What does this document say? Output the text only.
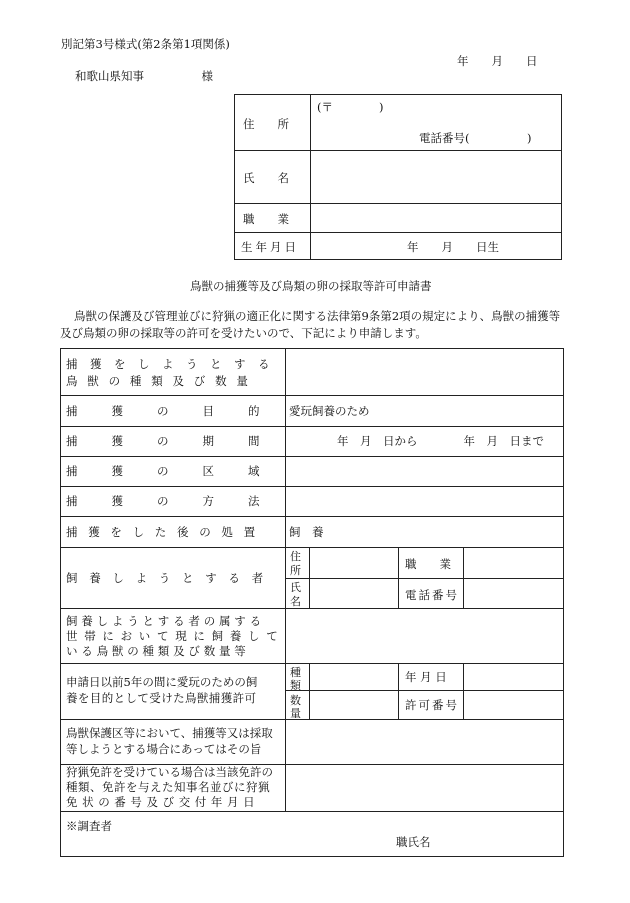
別記第3号様式(第2条第1項関係)
年　　月　　日
和歌山県知事　　　　　様
住　　所
(〒　　　　)
電話番号(　　　　　)
氏　　名
職　　業
生年月日	年　　月　　日生
鳥獣の捕獲等及び鳥類の卵の採取等許可申請書
鳥獣の保護及び管理並びに狩猟の適正化に関する法律第9条第2項の規定により、鳥獣の捕獲等
及び鳥類の卵の採取等の許可を受けたいので、下記により申請します。
捕獲をしようとする
鳥獣の種類及び数量
捕獲の目的
愛玩飼養のため
捕獲の期間	年　月　日から　　　　年　月　日まで
捕獲の区域
捕獲の方法
捕獲をした後の処置 飼　養
飼養しようとする者
住
所
氏
名
職　　業
電話番号
飼養しようとする者の属する
世帯において現に飼養して
いる鳥獣の種類及び数量等
申請日以前5年の間に愛玩のための飼
養を目的として受けた鳥獣捕獲許可
種
類
数
量
年 月 日
許可番号
鳥獣保護区等において、捕獲等又は採取
等しようとする場合にあってはその旨
狩猟免許を受けている場合は当該免許の
種類、免許を与えた知事名並びに狩猟
免状の番号及び交付年月日
※調査者
職氏名
